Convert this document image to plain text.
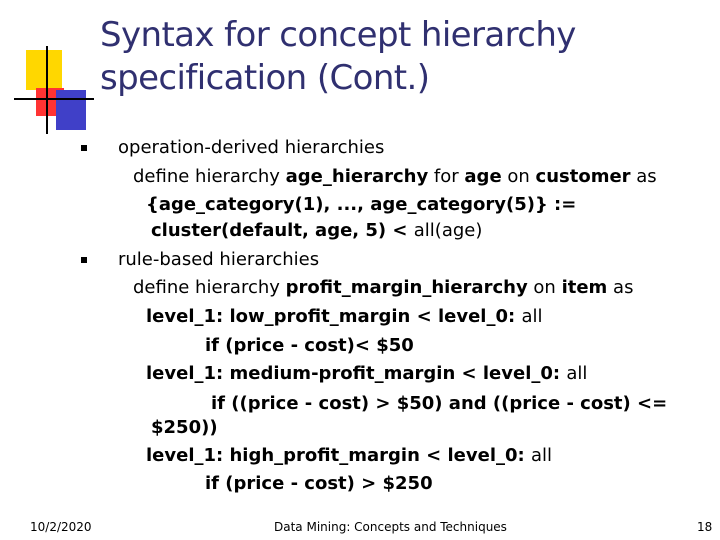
Syntax for concept hierarchy
specification (Cont.)
operation-derived hierarchies
define hierarchy age_hierarchy for age on customer as
{age_category(1), ..., age_category(5)} :=
cluster(default, age, 5) < all(age)
rule-based hierarchies
define hierarchy profit_margin_hierarchy on item as
level_1: low_profit_margin < level_0: all
if (price - cost)< $50
level_1: medium-profit_margin < level_0: all
if ((price - cost) > $50) and ((price - cost) <=
$250))
level_1: high_profit_margin < level_0: all
if (price - cost) > $250
10/2/2020	Data Mining: Concepts and Techniques	18
